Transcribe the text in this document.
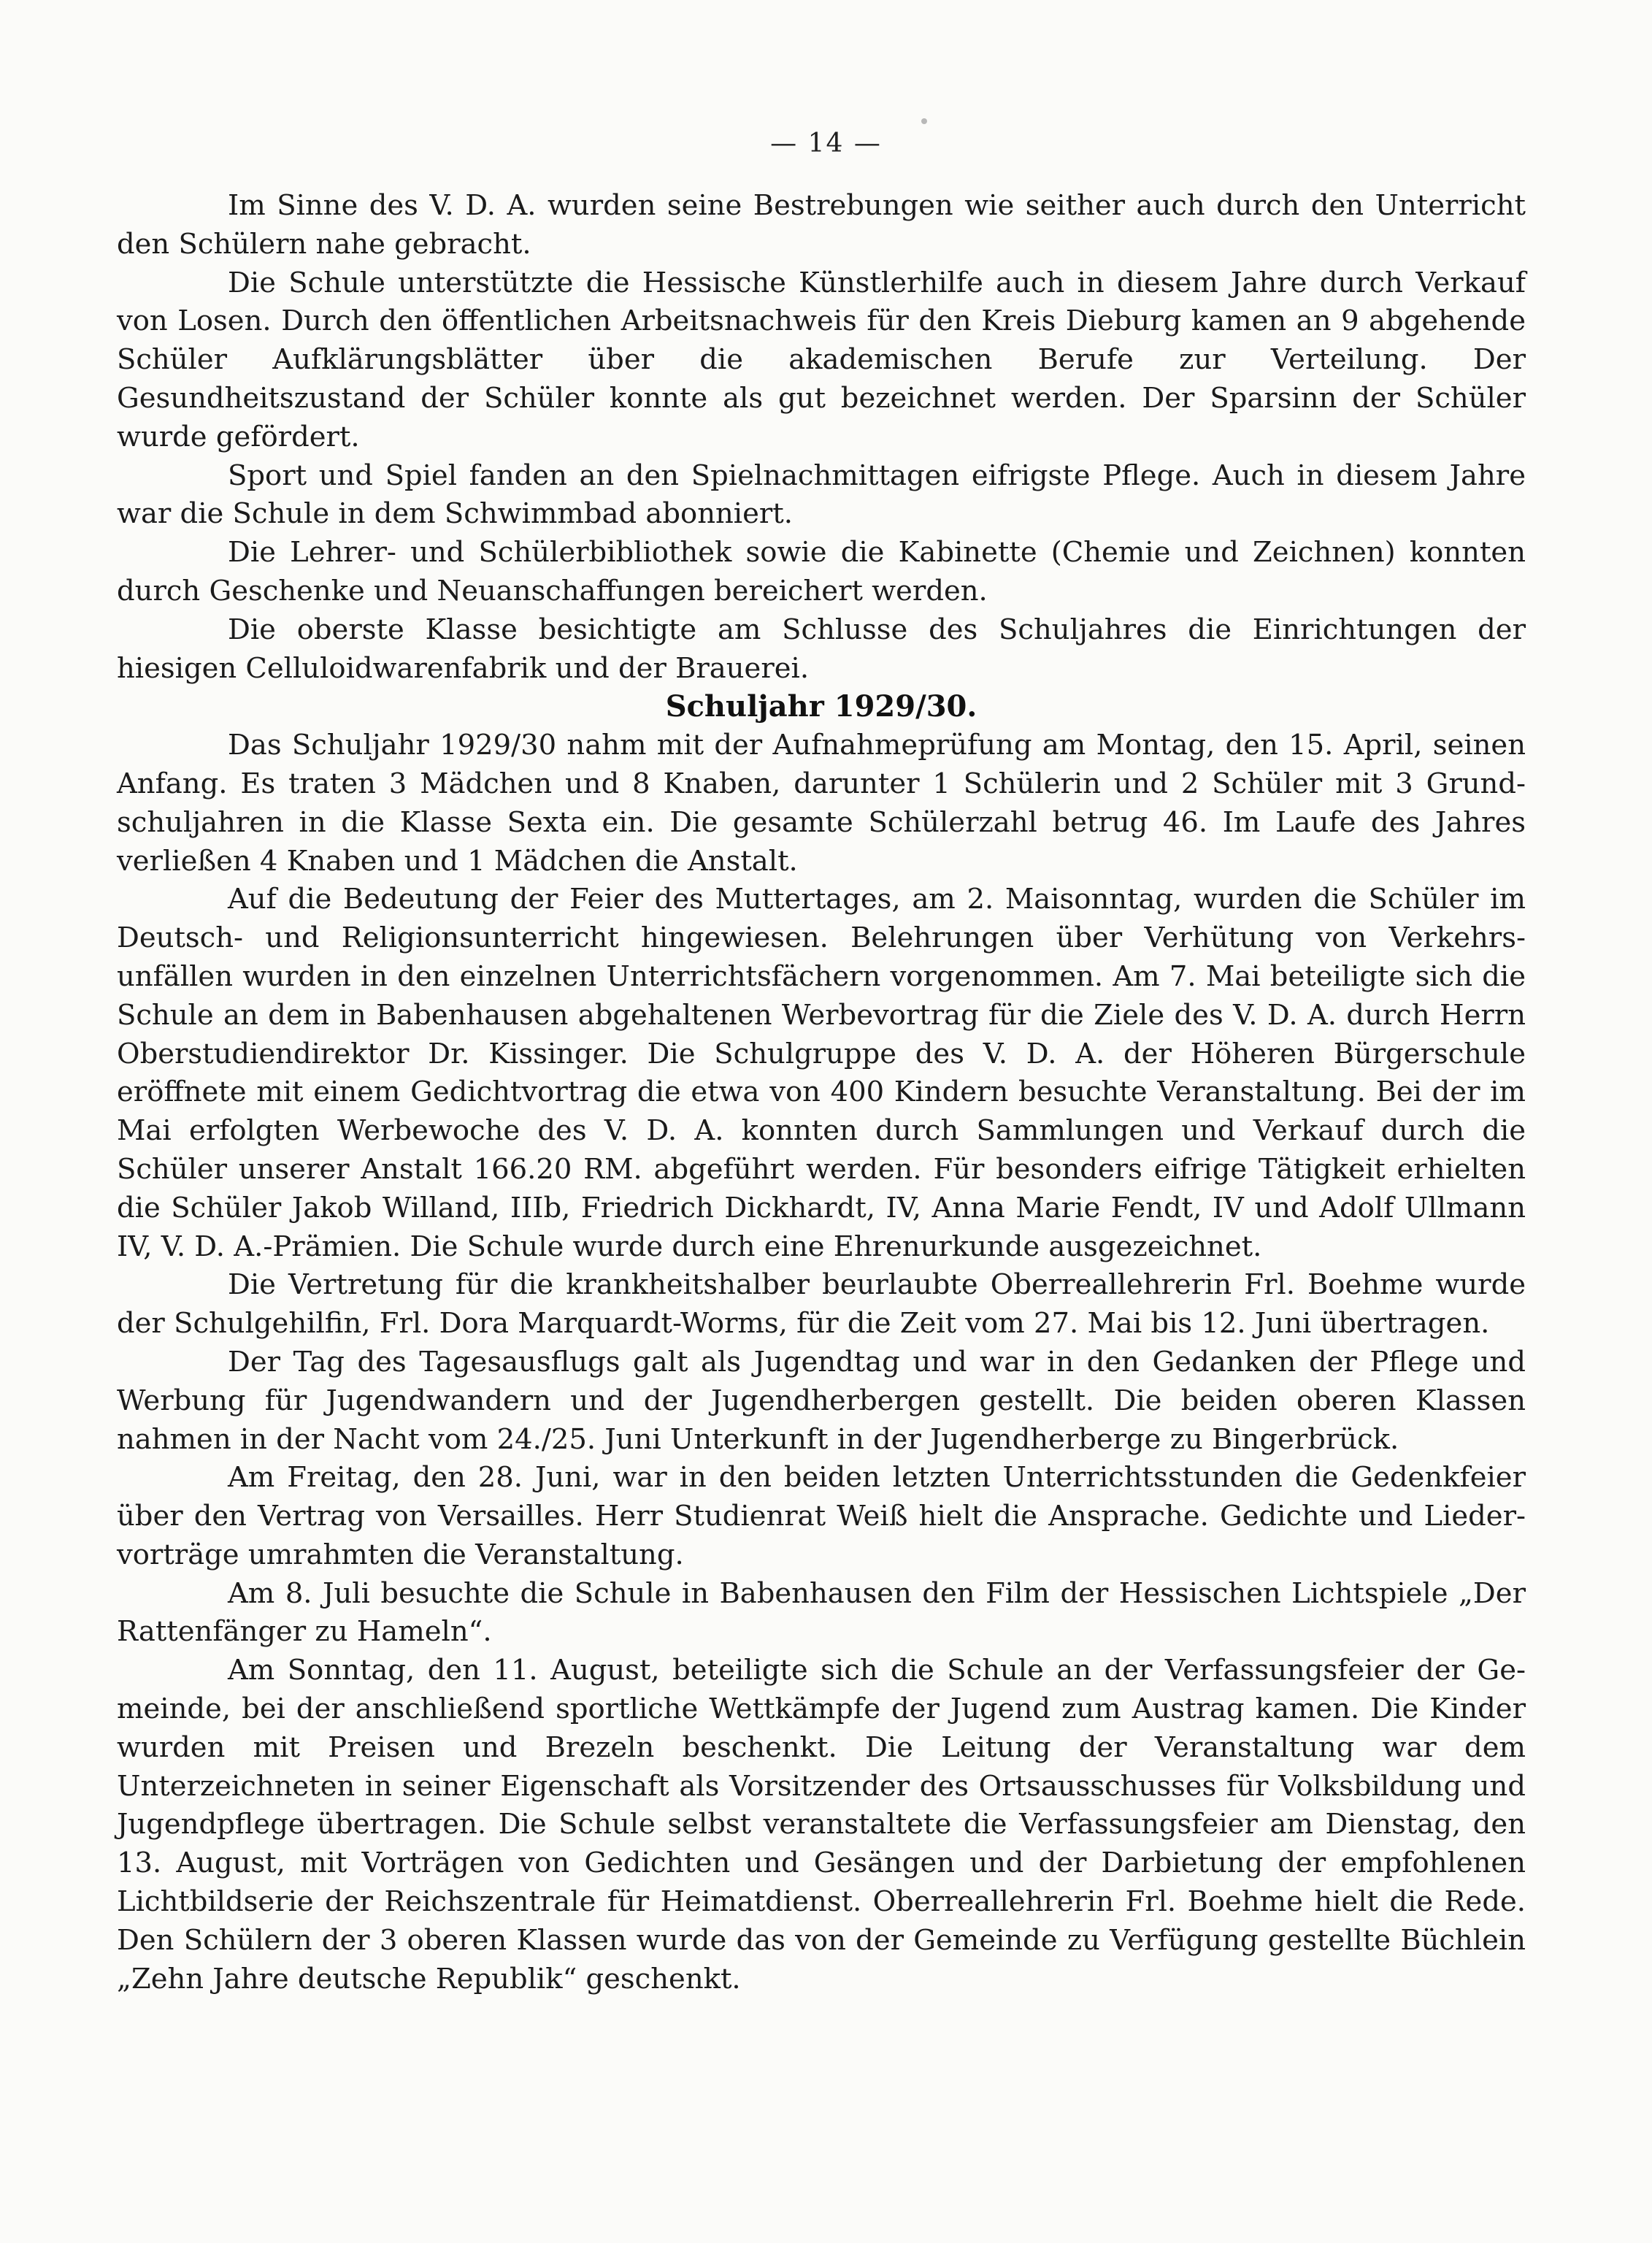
— 14 —

Im Sinne des V. D. A. wurden seine Bestrebungen wie seither auch durch den Unterricht den Schülern nahe gebracht.

Die Schule unterstützte die Hessische Künstlerhilfe auch in diesem Jahre durch Verkauf von Losen. Durch den öffentlichen Arbeitsnachweis für den Kreis Dieburg kamen an 9 abgehende Schüler Aufklärungsblätter über die akademischen Berufe zur Verteilung. Der Gesundheitszustand der Schüler konnte als gut bezeichnet werden. Der Sparsinn der Schüler wurde gefördert.

Sport und Spiel fanden an den Spielnachmittagen eifrigste Pflege. Auch in diesem Jahre war die Schule in dem Schwimmbad abonniert.

Die Lehrer- und Schülerbibliothek sowie die Kabinette (Chemie und Zeichnen) konnten durch Geschenke und Neuanschaffungen bereichert werden.

Die oberste Klasse besichtigte am Schlusse des Schuljahres die Einrichtungen der hiesigen Celluloidwarenfabrik und der Brauerei.

Schuljahr 1929/30.

Das Schuljahr 1929/30 nahm mit der Aufnahmeprüfung am Montag, den 15. April, seinen Anfang. Es traten 3 Mädchen und 8 Knaben, darunter 1 Schülerin und 2 Schüler mit 3 Grundschuljahren in die Klasse Sexta ein. Die gesamte Schülerzahl betrug 46. Im Laufe des Jahres verließen 4 Knaben und 1 Mädchen die Anstalt.

Auf die Bedeutung der Feier des Muttertages, am 2. Maisonntag, wurden die Schüler im Deutsch- und Religionsunterricht hingewiesen. Belehrungen über Verhütung von Verkehrsunfällen wurden in den einzelnen Unterrichtsfächern vorgenommen. Am 7. Mai beteiligte sich die Schule an dem in Babenhausen abgehaltenen Werbevortrag für die Ziele des V. D. A. durch Herrn Oberstudiendirektor Dr. Kissinger. Die Schulgruppe des V. D. A. der Höheren Bürgerschule eröffnete mit einem Gedichtvortrag die etwa von 400 Kindern besuchte Veranstaltung. Bei der im Mai erfolgten Werbewoche des V. D. A. konnten durch Sammlungen und Verkauf durch die Schüler unserer Anstalt 166.20 RM. abgeführt werden. Für besonders eifrige Tätigkeit erhielten die Schüler Jakob Willand, IIIb, Friedrich Dickhardt, IV, Anna Marie Fendt, IV und Adolf Ullmann IV, V. D. A.-Prämien. Die Schule wurde durch eine Ehrenurkunde ausgezeichnet.

Die Vertretung für die krankheitshalber beurlaubte Oberreallehrerin Frl. Boehme wurde der Schulgehilfin, Frl. Dora Marquardt-Worms, für die Zeit vom 27. Mai bis 12. Juni übertragen.

Der Tag des Tagesausflugs galt als Jugendtag und war in den Gedanken der Pflege und Werbung für Jugendwandern und der Jugendherbergen gestellt. Die beiden oberen Klassen nahmen in der Nacht vom 24./25. Juni Unterkunft in der Jugendherberge zu Bingerbrück.

Am Freitag, den 28. Juni, war in den beiden letzten Unterrichtsstunden die Gedenkfeier über den Vertrag von Versailles. Herr Studienrat Weiß hielt die Ansprache. Gedichte und Liedervorträge umrahmten die Veranstaltung.

Am 8. Juli besuchte die Schule in Babenhausen den Film der Hessischen Lichtspiele „Der Rattenfänger zu Hameln“.

Am Sonntag, den 11. August, beteiligte sich die Schule an der Verfassungsfeier der Gemeinde, bei der anschließend sportliche Wettkämpfe der Jugend zum Austrag kamen. Die Kinder wurden mit Preisen und Brezeln beschenkt. Die Leitung der Veranstaltung war dem Unterzeichneten in seiner Eigenschaft als Vorsitzender des Ortsausschusses für Volksbildung und Jugendpflege übertragen. Die Schule selbst veranstaltete die Verfassungsfeier am Dienstag, den 13. August, mit Vorträgen von Gedichten und Gesängen und der Darbietung der empfohlenen Lichtbildserie der Reichszentrale für Heimatdienst. Oberreallehrerin Frl. Boehme hielt die Rede. Den Schülern der 3 oberen Klassen wurde das von der Gemeinde zu Verfügung gestellte Büchlein „Zehn Jahre deutsche Republik“ geschenkt.
